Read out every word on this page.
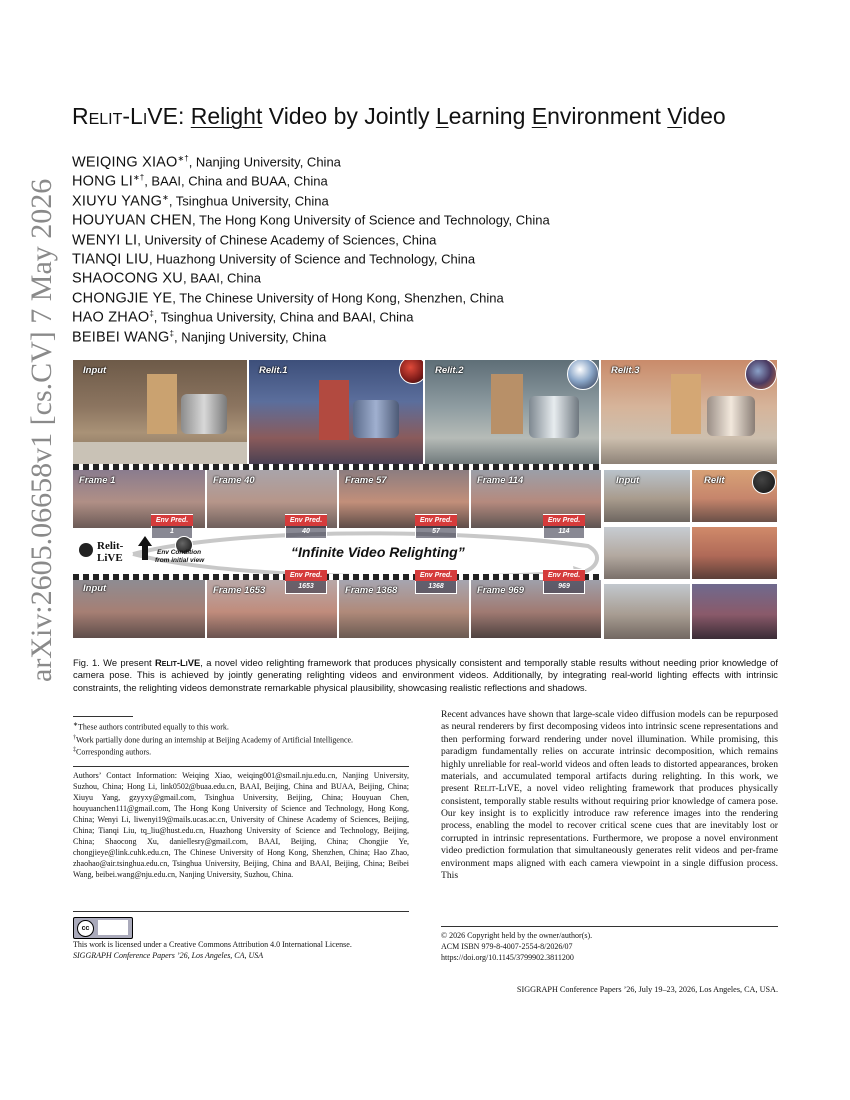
arXiv:2605.06658v1 [cs.CV] 7 May 2026
Relit-LiVE: Relight Video by Jointly Learning Environment Video
WEIQING XIAO∗†, Nanjing University, China
HONG LI∗†, BAAI, China and BUAA, China
XIUYU YANG∗, Tsinghua University, China
HOUYUAN CHEN, The Hong Kong University of Science and Technology, China
WENYI LI, University of Chinese Academy of Sciences, China
TIANQI LIU, Huazhong University of Science and Technology, China
SHAOCONG XU, BAAI, China
CHONGJIE YE, The Chinese University of Hong Kong, Shenzhen, China
HAO ZHAO‡, Tsinghua University, China and BAAI, China
BEIBEI WANG‡, Nanjing University, China
Input	Relit.1	Relit.2	Relit.3
Frame 1	Frame 40	Frame 57	Frame 114	Input	Relit
Input	Frame 1653	Frame 1368	Frame 969
Env Pred.
1
Env Pred.
40
Env Pred.
57
Env Pred.
114
Env Pred.
1653
Env Pred.
1368
Env Pred.
969
Relit-LiVE	Env Condition
from initial view
“Infinite Video Relighting”
Fig. 1. We present Relit-LiVE, a novel video relighting framework that produces physically consistent and temporally stable results without needing prior knowledge of camera pose. This is achieved by jointly generating relighting videos and environment videos. Additionally, by integrating real-world lighting effects with intrinsic constraints, the relighting videos demonstrate remarkable physical plausibility, showcasing realistic reflections and shadows.
∗These authors contributed equally to this work.
†Work partially done during an internship at Beijing Academy of Artificial Intelligence.
‡Corresponding authors.
Authors’ Contact Information: Weiqing Xiao, weiqing001@smail.nju.edu.cn, Nanjing University, Suzhou, China; Hong Li, link0502@buaa.edu.cn, BAAI, Beijing, China and BUAA, Beijing, China; Xiuyu Yang, gzyyxy@gmail.com, Tsinghua University, Beijing, China; Houyuan Chen, houyuanchen111@gmail.com, The Hong Kong University of Science and Technology, Hong Kong, China; Wenyi Li, liwenyi19@mails.ucas.ac.cn, University of Chinese Academy of Sciences, Beijing, China; Tianqi Liu, tq_liu@hust.edu.cn, Huazhong University of Science and Technology, Beijing, China; Shaocong Xu, daniellesry@gmail.com, BAAI, Beijing, China; Chongjie Ye, chongjieye@link.cuhk.edu.cn, The Chinese University of Hong Kong, Shenzhen, China; Hao Zhao, zhaohao@air.tsinghua.edu.cn, Tsinghua University, Beijing, China and BAAI, Beijing, China; Beibei Wang, beibei.wang@nju.edu.cn, Nanjing University, Suzhou, China.
cc
This work is licensed under a Creative Commons Attribution 4.0 International License.
SIGGRAPH Conference Papers ’26, Los Angeles, CA, USA
Recent advances have shown that large-scale video diffusion models can be repurposed as neural renderers by first decomposing videos into intrinsic scene representations and then performing forward rendering under novel illumination. While promising, this paradigm fundamentally relies on accurate intrinsic decomposition, which remains highly unreliable for real-world videos and often leads to distorted appearances, broken materials, and accumulated temporal artifacts during relighting. In this work, we present Relit-LiVE, a novel video relighting framework that produces physically consistent, temporally stable results without requiring prior knowledge of camera pose. Our key insight is to explicitly introduce raw reference images into the rendering process, enabling the model to recover critical scene cues that are inevitably lost or corrupted in intrinsic representations. Furthermore, we propose a novel environment video prediction formulation that simultaneously generates relit videos and per-frame environment maps aligned with each camera viewpoint in a single diffusion process. This
© 2026 Copyright held by the owner/author(s).
ACM ISBN 979-8-4007-2554-8/2026/07
https://doi.org/10.1145/3799902.3811200
SIGGRAPH Conference Papers ’26, July 19–23, 2026, Los Angeles, CA, USA.
